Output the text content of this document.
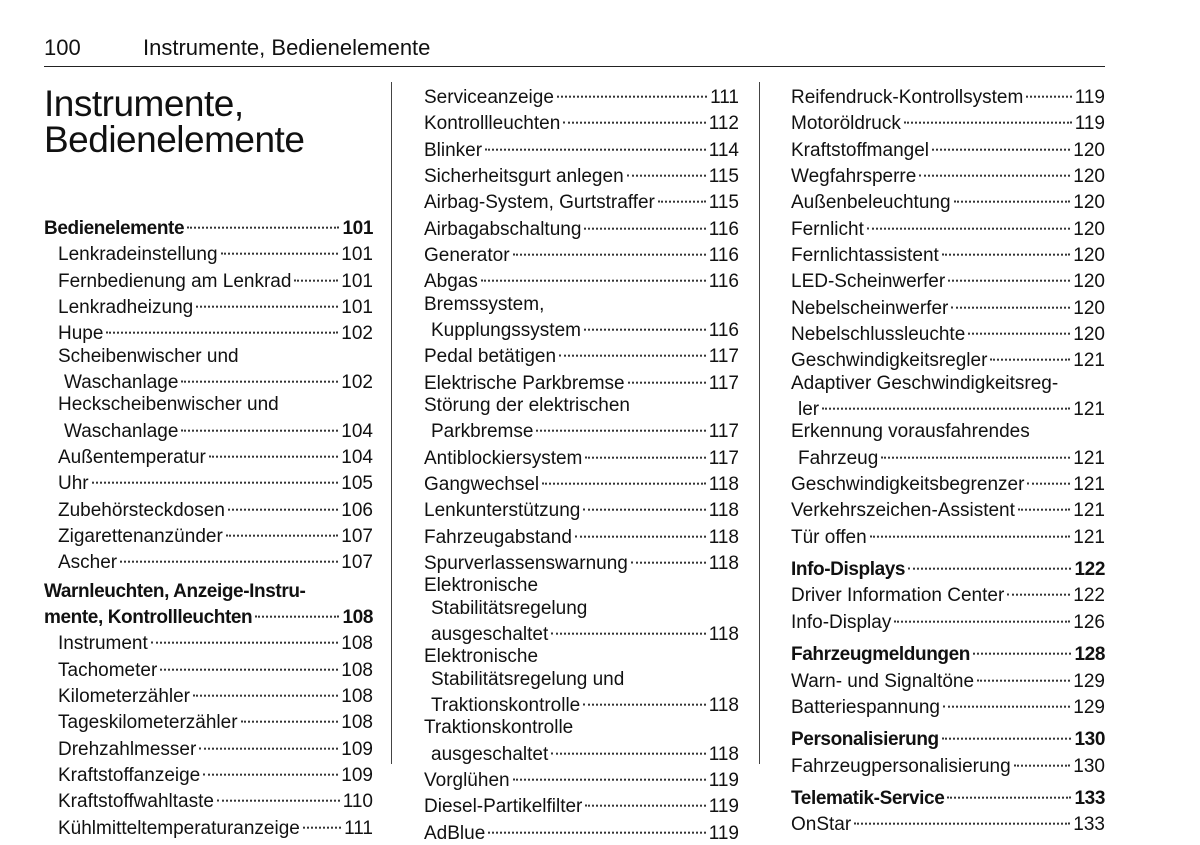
100	Instrumente, Bedienelemente
Instrumente,
Bedienelemente
Bedienelemente	101
Lenkradeinstellung	101
Fernbedienung am Lenkrad	101
Lenkradheizung	101
Hupe	102
Scheibenwischer und
Waschanlage	102
Heckscheibenwischer und
Waschanlage	104
Außentemperatur	104
Uhr	105
Zubehörsteckdosen	106
Zigarettenanzünder	107
Ascher	107
Warnleuchten, Anzeige-Instru-
mente, Kontrollleuchten	108
Instrument	108
Tachometer	108
Kilometerzähler	108
Tageskilometerzähler	108
Drehzahlmesser	109
Kraftstoffanzeige	109
Kraftstoffwahltaste	110
Kühlmitteltemperaturanzeige 111
Serviceanzeige	111
Kontrollleuchten	112
Blinker	114
Sicherheitsgurt anlegen	115
Airbag-System, Gurtstraffer	115
Airbagabschaltung	116
Generator	116
Abgas	116
Bremssystem,
Kupplungssystem	116
Pedal betätigen	117
Elektrische Parkbremse	117
Störung der elektrischen
Parkbremse	117
Antiblockiersystem	117
Gangwechsel	118
Lenkunterstützung	118
Fahrzeugabstand	118
Spurverlassenswarnung	118
Elektronische
Stabilitätsregelung
ausgeschaltet	118
Elektronische
Stabilitätsregelung und
Traktionskontrolle	118
Traktionskontrolle
ausgeschaltet	118
Vorglühen	119
Diesel-Partikelfilter	119
AdBlue	119
Reifendruck-Kontrollsystem	119
Motoröldruck	119
Kraftstoffmangel	120
Wegfahrsperre	120
Außenbeleuchtung	120
Fernlicht	120
Fernlichtassistent	120
LED-Scheinwerfer	120
Nebelscheinwerfer	120
Nebelschlussleuchte	120
Geschwindigkeitsregler	121
Adaptiver Geschwindigkeitsreg-
ler	121
Erkennung vorausfahrendes
Fahrzeug	121
Geschwindigkeitsbegrenzer	121
Verkehrszeichen-Assistent	121
Tür offen	121
Info-Displays	122
Driver Information Center	122
Info-Display	126
Fahrzeugmeldungen	128
Warn- und Signaltöne	129
Batteriespannung	129
Personalisierung	130
Fahrzeugpersonalisierung	130
Telematik-Service	133
OnStar	133
